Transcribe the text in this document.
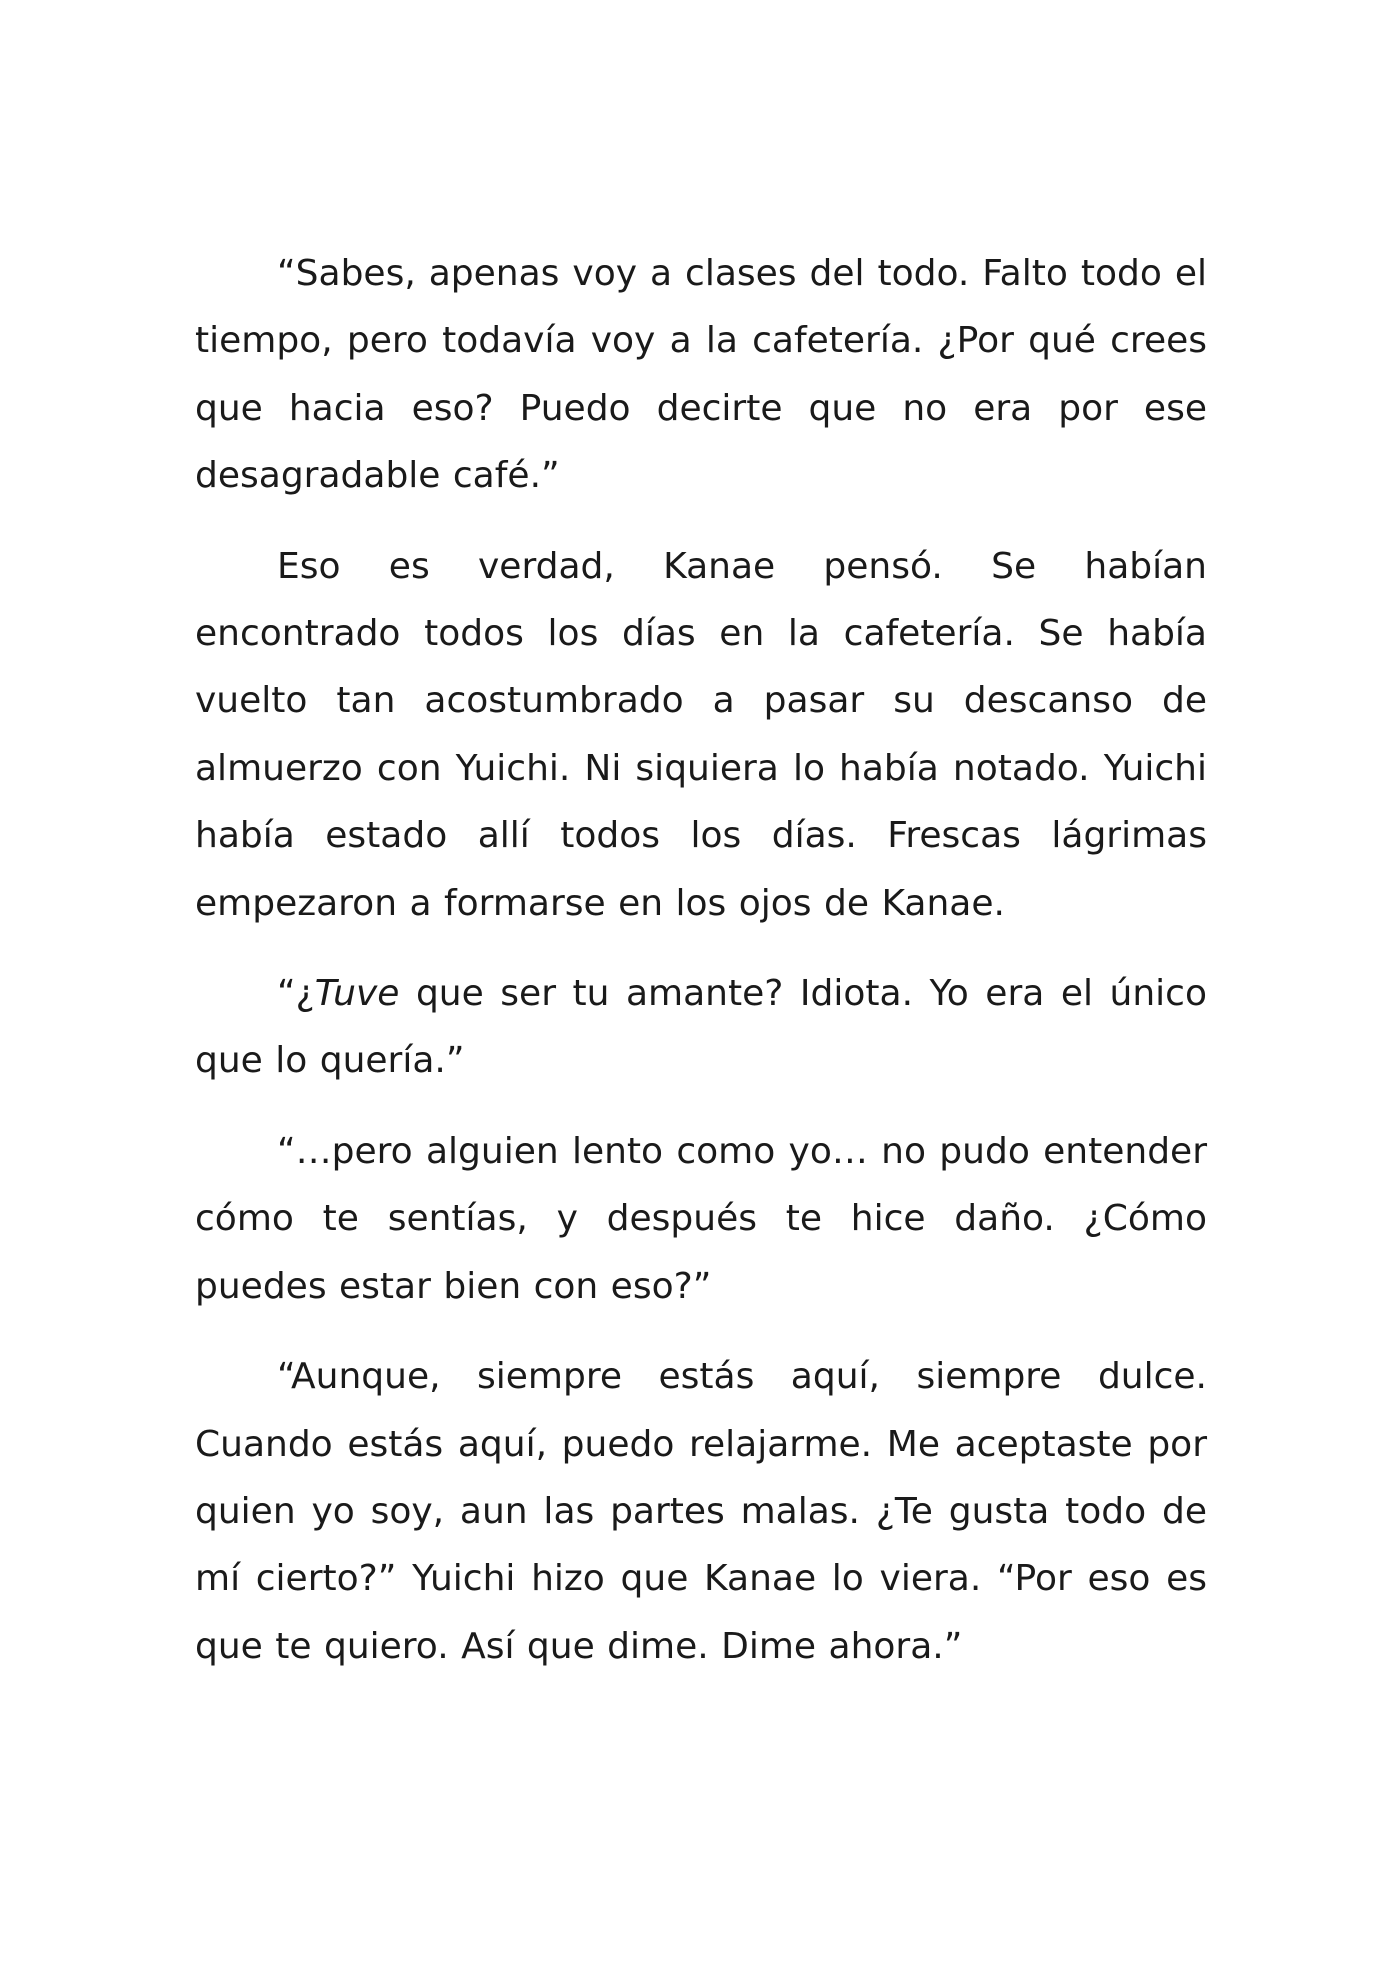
“Sabes, apenas voy a clases del todo. Falto todo el tiempo, pero todavía voy a la cafetería. ¿Por qué crees que hacia eso? Puedo decirte que no era por ese desagradable café.”

Eso es verdad, Kanae pensó. Se habían encontrado todos los días en la cafetería. Se había vuelto tan acostumbrado a pasar su descanso de almuerzo con Yuichi. Ni siquiera lo había notado. Yuichi había estado allí todos los días. Frescas lágrimas empezaron a formarse en los ojos de Kanae.

“¿Tuve que ser tu amante? Idiota. Yo era el único que lo quería.”

“…pero alguien lento como yo… no pudo entender cómo te sentías, y después te hice daño. ¿Cómo puedes estar bien con eso?”

“Aunque, siempre estás aquí, siempre dulce. Cuando estás aquí, puedo relajarme. Me aceptaste por quien yo soy, aun las partes malas. ¿Te gusta todo de mí cierto?” Yuichi hizo que Kanae lo viera. “Por eso es que te quiero. Así que dime. Dime ahora.”
